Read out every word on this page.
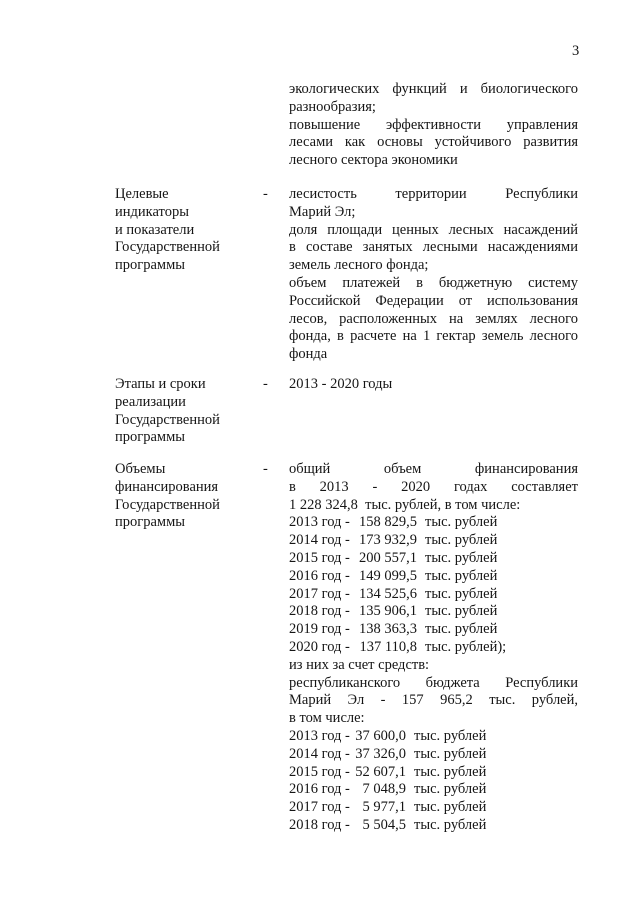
3
экологических функций и биологического
разнообразия;
повышение эффективности управления
лесами как основы устойчивого развития
лесного сектора экономики
Целевые
индикаторы
и показатели
Государственной
программы
- лесистость территории Республики
Марий Эл;
доля площади ценных лесных насаждений
в составе занятых лесными насаждениями
земель лесного фонда;
объем платежей в бюджетную систему
Российской Федерации от использования
лесов, расположенных на землях лесного
фонда, в расчете на 1 гектар земель лесного
фонда
Этапы и сроки
реализации
Государственной
программы
- 2013 - 2020 годы
Объемы
финансирования
Государственной
программы
- общий объем финансирования
в 2013 - 2020 годах составляет
1 228 324,8  тыс. рублей, в том числе:
2013 год - 158 829,5 тыс. рублей
2014 год - 173 932,9 тыс. рублей
2015 год - 200 557,1 тыс. рублей
2016 год - 149 099,5 тыс. рублей
2017 год - 134 525,6 тыс. рублей
2018 год - 135 906,1 тыс. рублей
2019 год - 138 363,3 тыс. рублей
2020 год - 137 110,8 тыс. рублей);
из них за счет средств:
республиканского бюджета Республики
Марий Эл - 157 965,2 тыс. рублей,
в том числе:
2013 год - 37 600,0 тыс. рублей
2014 год - 37 326,0 тыс. рублей
2015 год - 52 607,1 тыс. рублей
2016 год - 7 048,9 тыс. рублей
2017 год - 5 977,1 тыс. рублей
2018 год - 5 504,5 тыс. рублей
